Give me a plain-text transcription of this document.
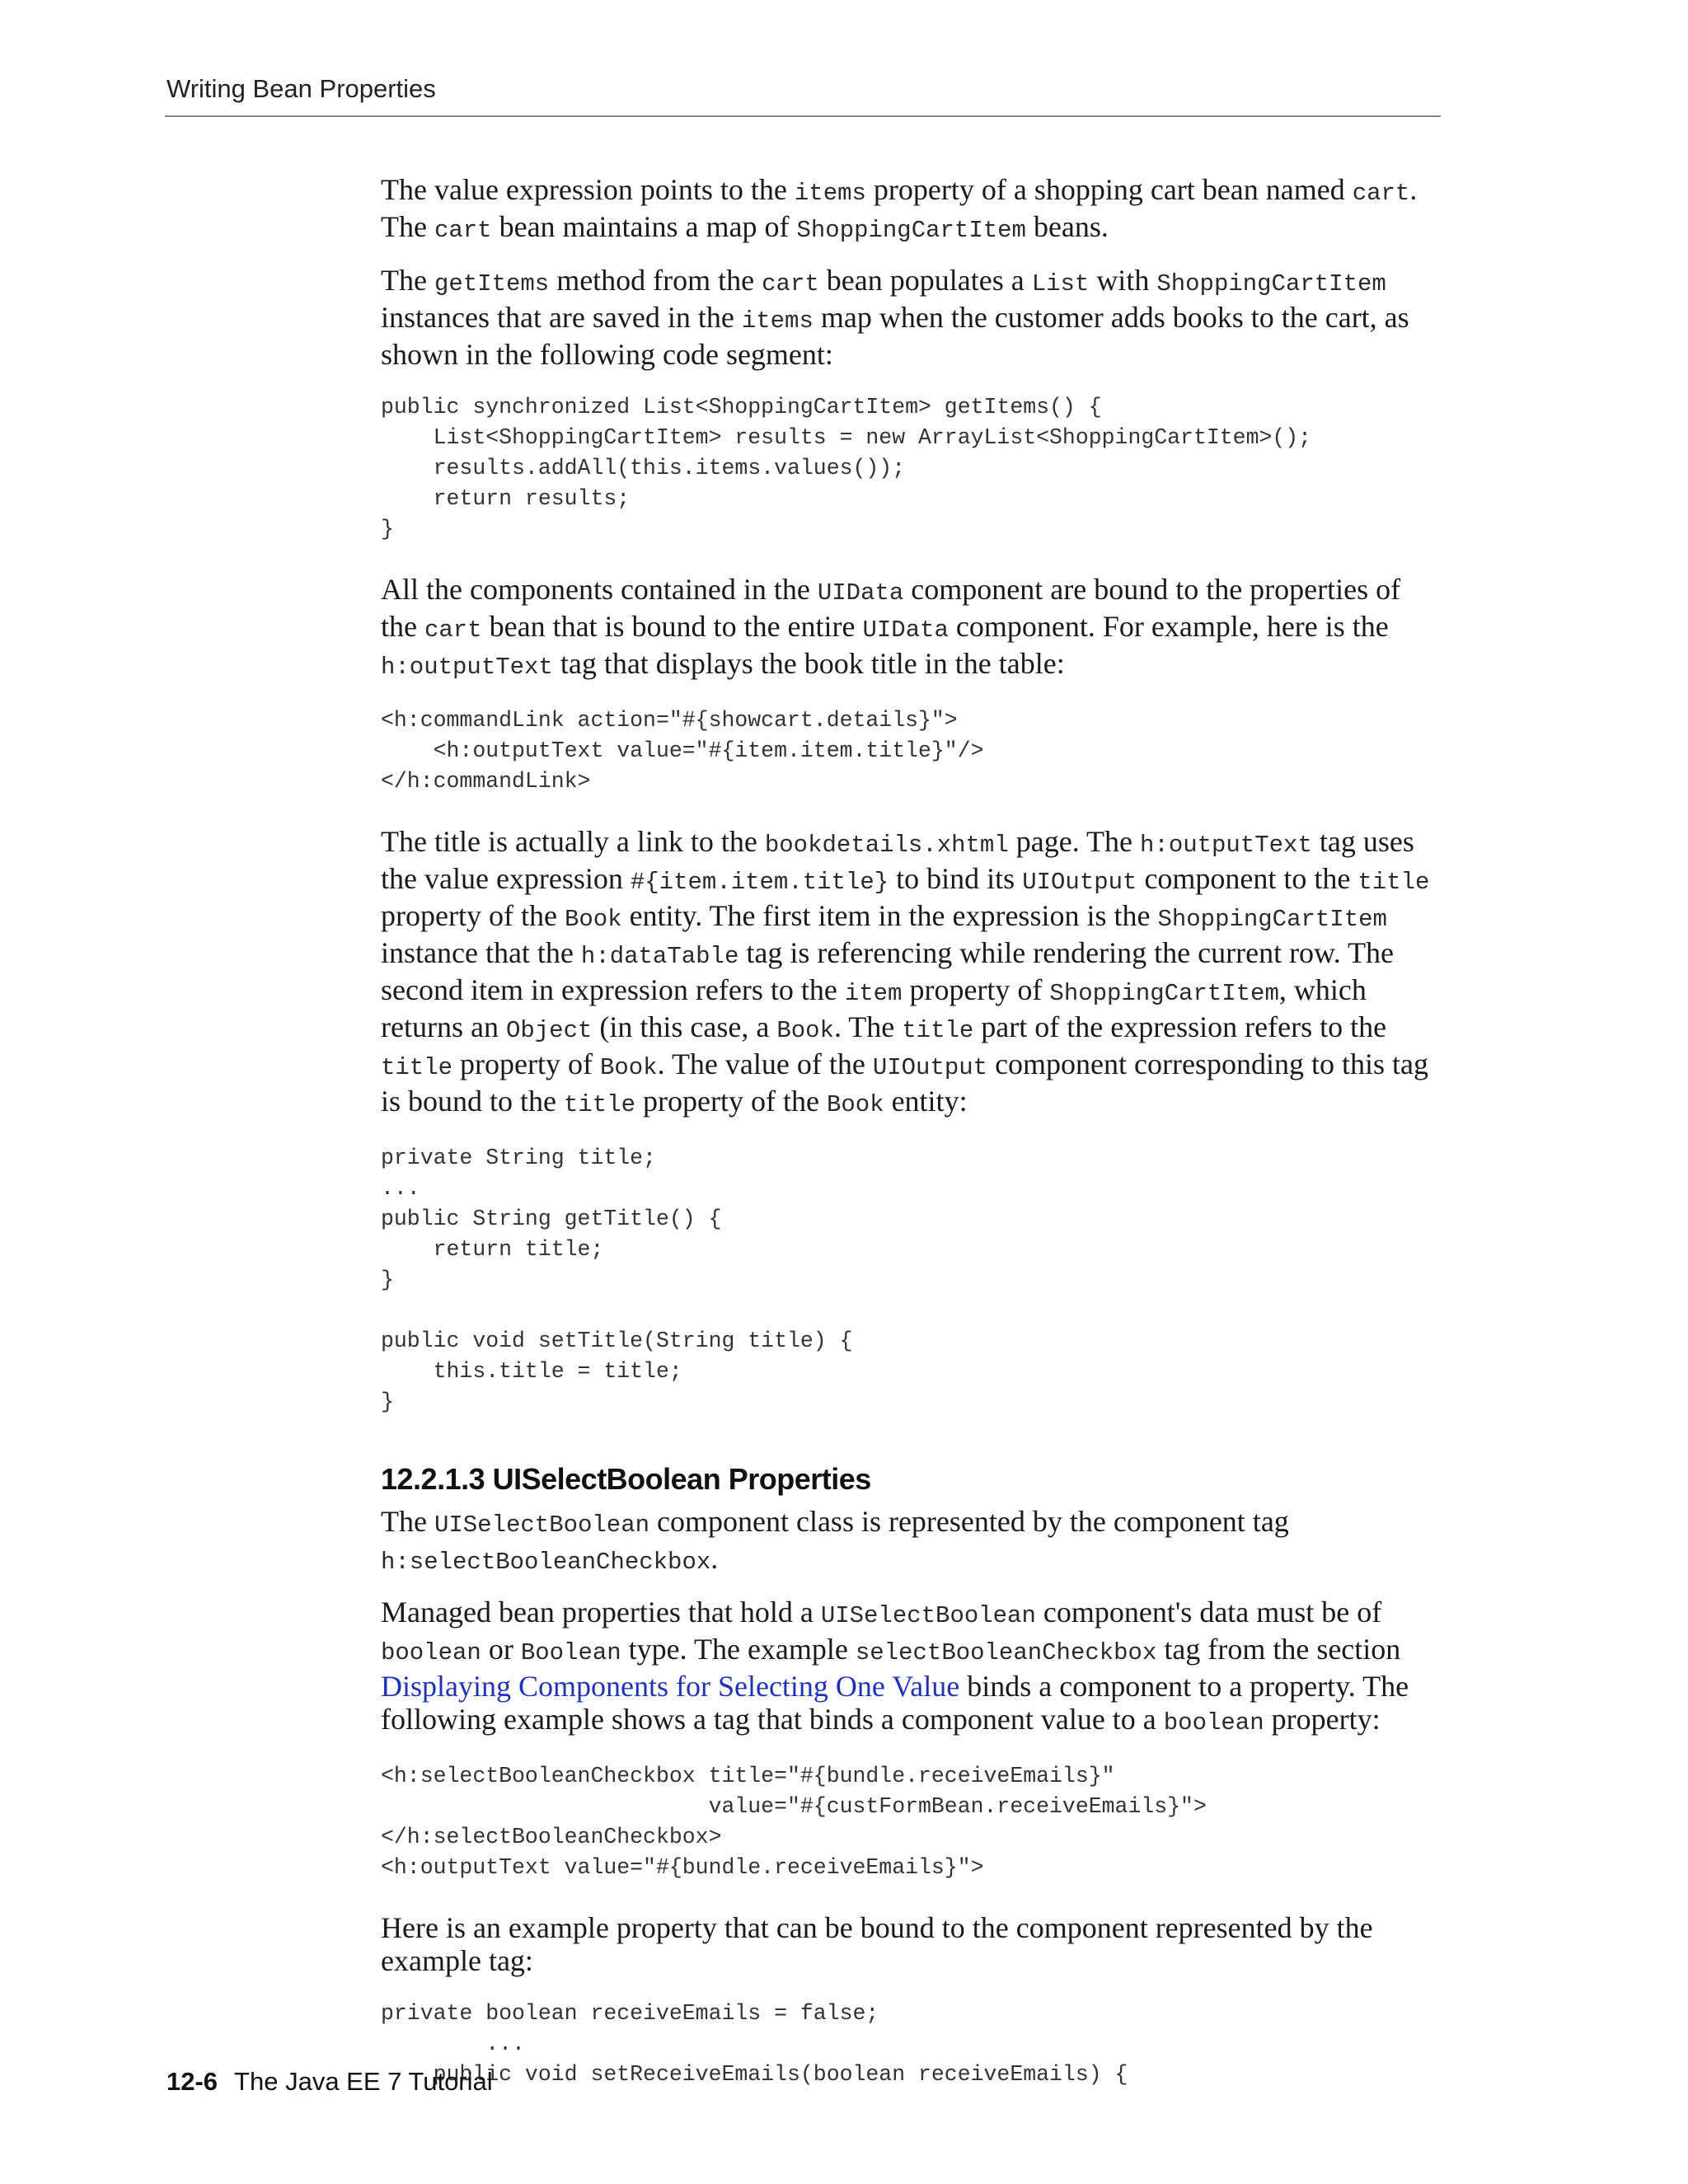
Writing Bean Properties

The value expression points to the items property of a shopping cart bean named cart. The cart bean maintains a map of ShoppingCartItem beans.

The getItems method from the cart bean populates a List with ShoppingCartItem instances that are saved in the items map when the customer adds books to the cart, as shown in the following code segment:

public synchronized List<ShoppingCartItem> getItems() {
List<ShoppingCartItem> results = new ArrayList<ShoppingCartItem>();
results.addAll(this.items.values());
return results;
}

All the components contained in the UIData component are bound to the properties of the cart bean that is bound to the entire UIData component. For example, here is the h:outputText tag that displays the book title in the table:

<h:commandLink action="#{showcart.details}">
<h:outputText value="#{item.item.title}"/>
</h:commandLink>

The title is actually a link to the bookdetails.xhtml page. The h:outputText tag uses the value expression #{item.item.title} to bind its UIOutput component to the title property of the Book entity. The first item in the expression is the ShoppingCartItem instance that the h:dataTable tag is referencing while rendering the current row. The second item in expression refers to the item property of ShoppingCartItem, which returns an Object (in this case, a Book. The title part of the expression refers to the title property of Book. The value of the UIOutput component corresponding to this tag is bound to the title property of the Book entity:

private String title;
...
public String getTitle() {
return title;
}

public void setTitle(String title) {
this.title = title;
}
12.2.1.3 UISelectBoolean Properties

The UISelectBoolean component class is represented by the component tag h:selectBooleanCheckbox.

Managed bean properties that hold a UISelectBoolean component's data must be of boolean or Boolean type. The example selectBooleanCheckbox tag from the section Displaying Components for Selecting One Value binds a component to a property. The following example shows a tag that binds a component value to a boolean property:

<h:selectBooleanCheckbox title="#{bundle.receiveEmails}"
value="#{custFormBean.receiveEmails}">
</h:selectBooleanCheckbox>
<h:outputText value="#{bundle.receiveEmails}">

Here is an example property that can be bound to the component represented by the example tag:

private boolean receiveEmails = false;
...
public void setReceiveEmails(boolean receiveEmails) {
12-6 The Java EE 7 Tutorial
